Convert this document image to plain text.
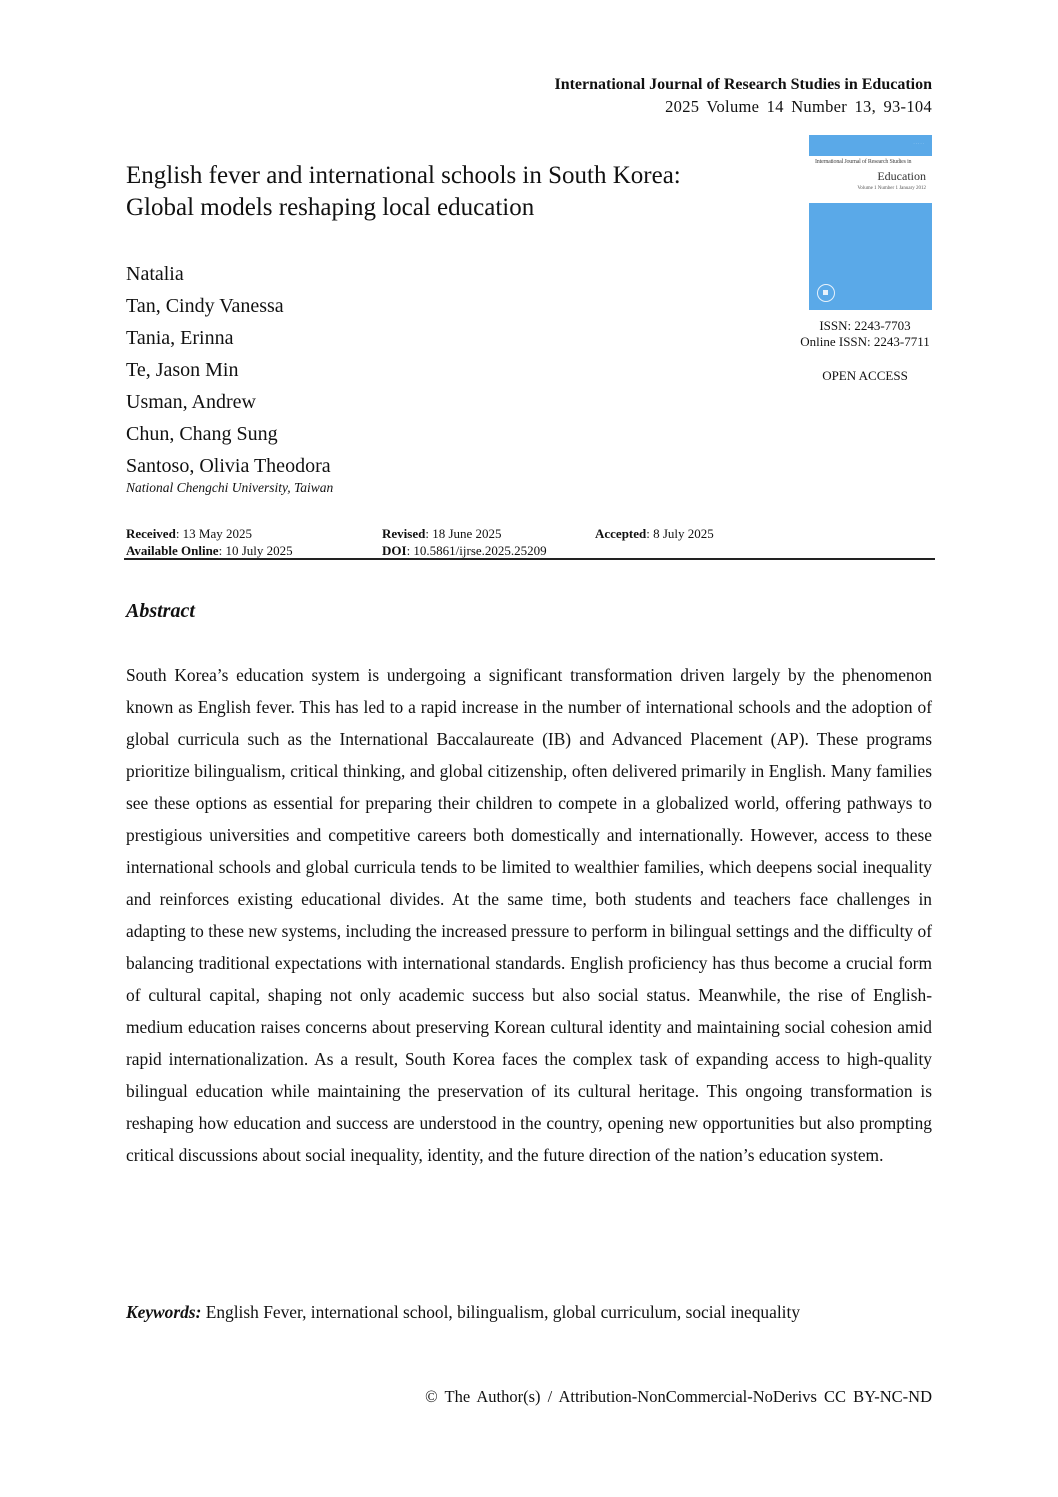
International Journal of Research Studies in Education
2025 Volume 14 Number 13, 93-104
English fever and international schools in South Korea:
Global models reshaping local education
Natalia
Tan, Cindy Vanessa
Tania, Erinna
Te, Jason Min
Usman, Andrew
Chun, Chang Sung
Santoso, Olivia Theodora
National Chengchi University, Taiwan
· · · · ·
International Journal of Research Studies in
Education
Volume 1 Number 1 January 2012
ISSN: 2243-7703
Online ISSN: 2243-7711
OPEN ACCESS
Received: 13 May 2025	Revised: 18 June 2025	Accepted: 8 July 2025
Available Online: 10 July 2025	DOI: 10.5861/ijrse.2025.25209
Abstract
South Korea’s education system is undergoing a significant transformation driven largely by the phenomenon known as English fever. This has led to a rapid increase in the number of international schools and the adoption of global curricula such as the International Baccalaureate (IB) and Advanced Placement (AP). These programs prioritize bilingualism, critical thinking, and global citizenship, often delivered primarily in English. Many families see these options as essential for preparing their children to compete in a globalized world, offering pathways to prestigious universities and competitive careers both domestically and internationally. However, access to these international schools and global curricula tends to be limited to wealthier families, which deepens social inequality and reinforces existing educational divides. At the same time, both students and teachers face challenges in adapting to these new systems, including the increased pressure to perform in bilingual settings and the difficulty of balancing traditional expectations with international standards. English proficiency has thus become a crucial form of cultural capital, shaping not only academic success but also social status. Meanwhile, the rise of English-medium education raises concerns about preserving Korean cultural identity and maintaining social cohesion amid rapid internationalization. As a result, South Korea faces the complex task of expanding access to high-quality bilingual education while maintaining the preservation of its cultural heritage. This ongoing transformation is reshaping how education and success are understood in the country, opening new opportunities but also prompting critical discussions about social inequality, identity, and the future direction of the nation’s education system.
Keywords: English Fever, international school, bilingualism, global curriculum, social inequality
© The Author(s) / Attribution-NonCommercial-NoDerivs CC BY-NC-ND
